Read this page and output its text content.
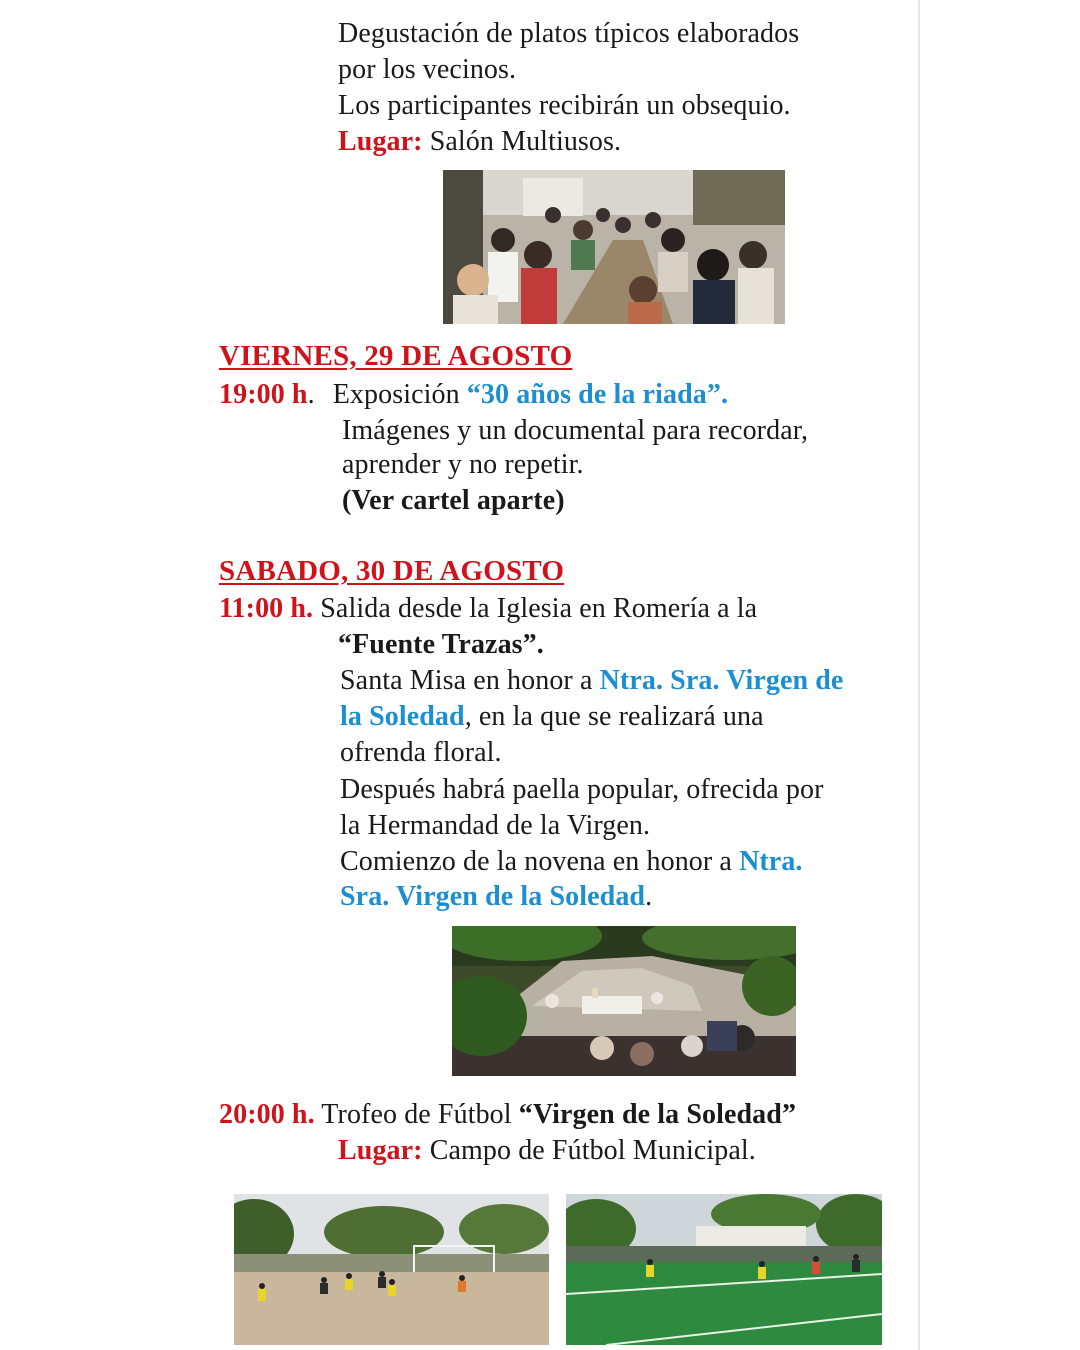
Degustación de platos típicos elaborados
por los vecinos.
Los participantes recibirán un obsequio.
Lugar: Salón Multiusos.
VIERNES, 29 DE AGOSTO
19:00 h. Exposición “30 años de la riada”.
Imágenes y un documental para recordar,
aprender y no repetir.
(Ver cartel aparte)
SABADO, 30 DE AGOSTO
11:00 h. Salida desde la Iglesia en Romería a la
“Fuente Trazas”.
Santa Misa en honor a Ntra. Sra. Virgen de
la Soledad, en la que se realizará una
ofrenda floral.
Después habrá paella popular, ofrecida por
la Hermandad de la Virgen.
Comienzo de la novena en honor a Ntra.
Sra. Virgen de la Soledad.
20:00 h. Trofeo de Fútbol “Virgen de la Soledad”
Lugar: Campo de Fútbol Municipal.
